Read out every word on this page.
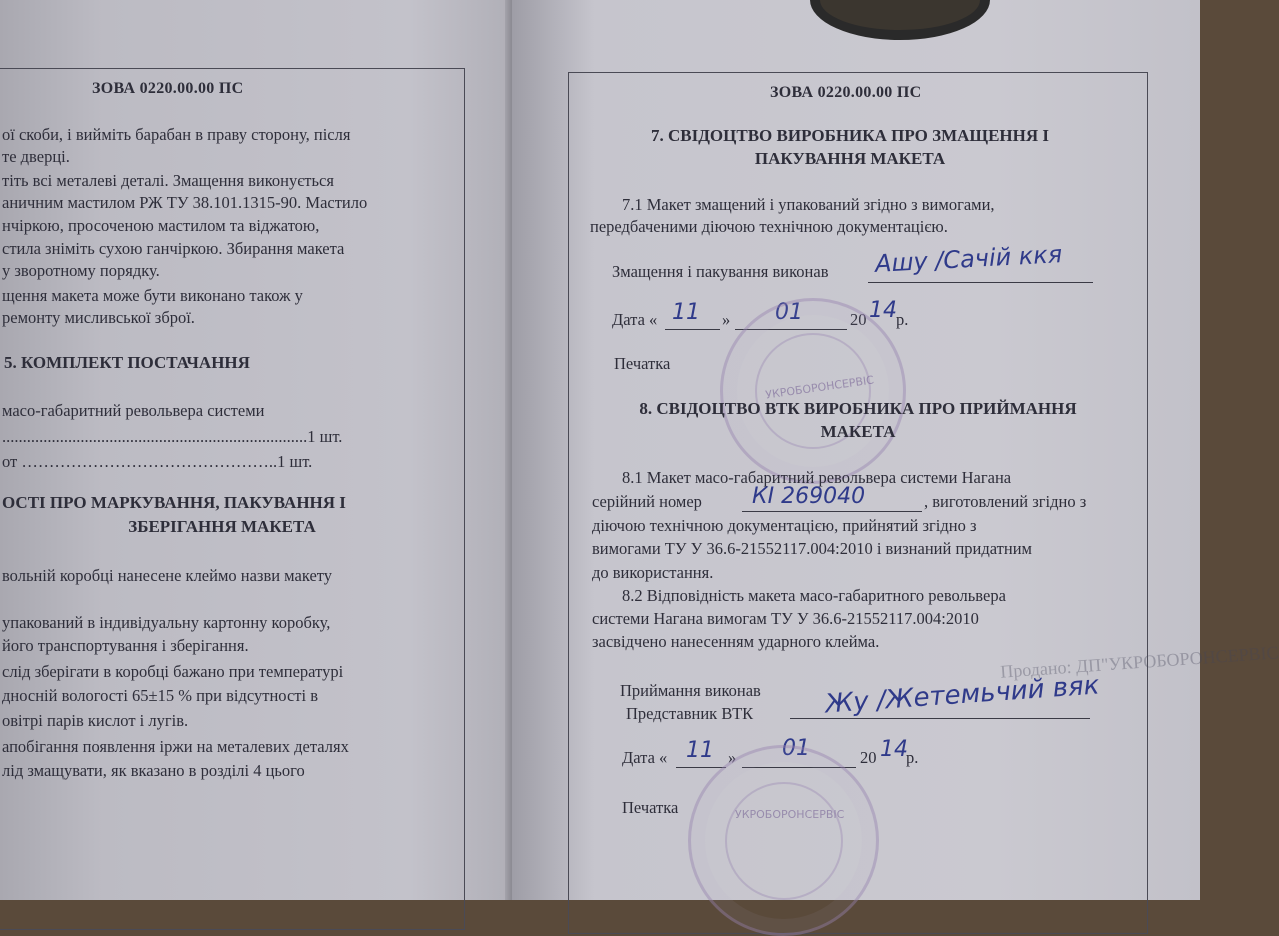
ЗОВА 0220.00.00 ПС
ої скоби, і вийміть барабан в праву сторону, після
те дверці.
тіть всі металеві деталі. Змащення виконується
аничним мастилом РЖ ТУ 38.101.1315-90. Мастило
нчіркою, просоченою мастилом та віджатою,
стила зніміть сухою ганчіркою. Збирання макета
у зворотному порядку.
щення макета може бути виконано також у
ремонту мисливської зброї.
5. КОМПЛЕКТ ПОСТАЧАННЯ
масо-габаритний револьвера системи
..........................................................................1 шт.
от ………………………………………..1 шт.
ОСТІ ПРО МАРКУВАННЯ, ПАКУВАННЯ І
ЗБЕРІГАННЯ МАКЕТА
вольній коробці нанесене клеймо назви макету
упакований в індивідуальну картонну коробку,
його транспортування і зберігання.
слід зберігати в коробці бажано при температурі
дносній вологості 65±15 % при відсутності в
овітрі парів кислот і лугів.
апобігання появлення іржи на металевих деталях
лід змащувати, як вказано в розділі 4 цього
ЗОВА 0220.00.00 ПС
7. СВІДОЦТВО ВИРОБНИКА ПРО ЗМАЩЕННЯ І
ПАКУВАННЯ МАКЕТА
7.1 Макет змащений і упакований згідно з вимогами,
передбаченими діючою технічною документацією.
Змащення і пакування виконав Ашу /Сачій ккя
Дата « 11 » 01	20 14 р.
Печатка
УКРОБОРОНСЕРВІС
8. СВІДОЦТВО ВТК ВИРОБНИКА ПРО ПРИЙМАННЯ
МАКЕТА
8.1 Макет масо-габаритний револьвера системи Нагана
серійний номер КІ 269040	, виготовлений згідно з
діючою технічною документацією, прийнятий згідно з
вимогами ТУ У 36.6-21552117.004:2010 і визнаний придатним
до використання.
8.2 Відповідність макета масо-габаритного револьвера
системи Нагана вимогам ТУ У 36.6-21552117.004:2010
засвідчено нанесенням ударного клейма.
Продано: ДП"УКРОБОРОНСЕРВІС
Приймання виконав
Представник ВТК	Жу /Жетемьчий вяк
Дата « 11 » 01	20 14
р.
Печатка	УКРОБОРОНСЕРВІС
